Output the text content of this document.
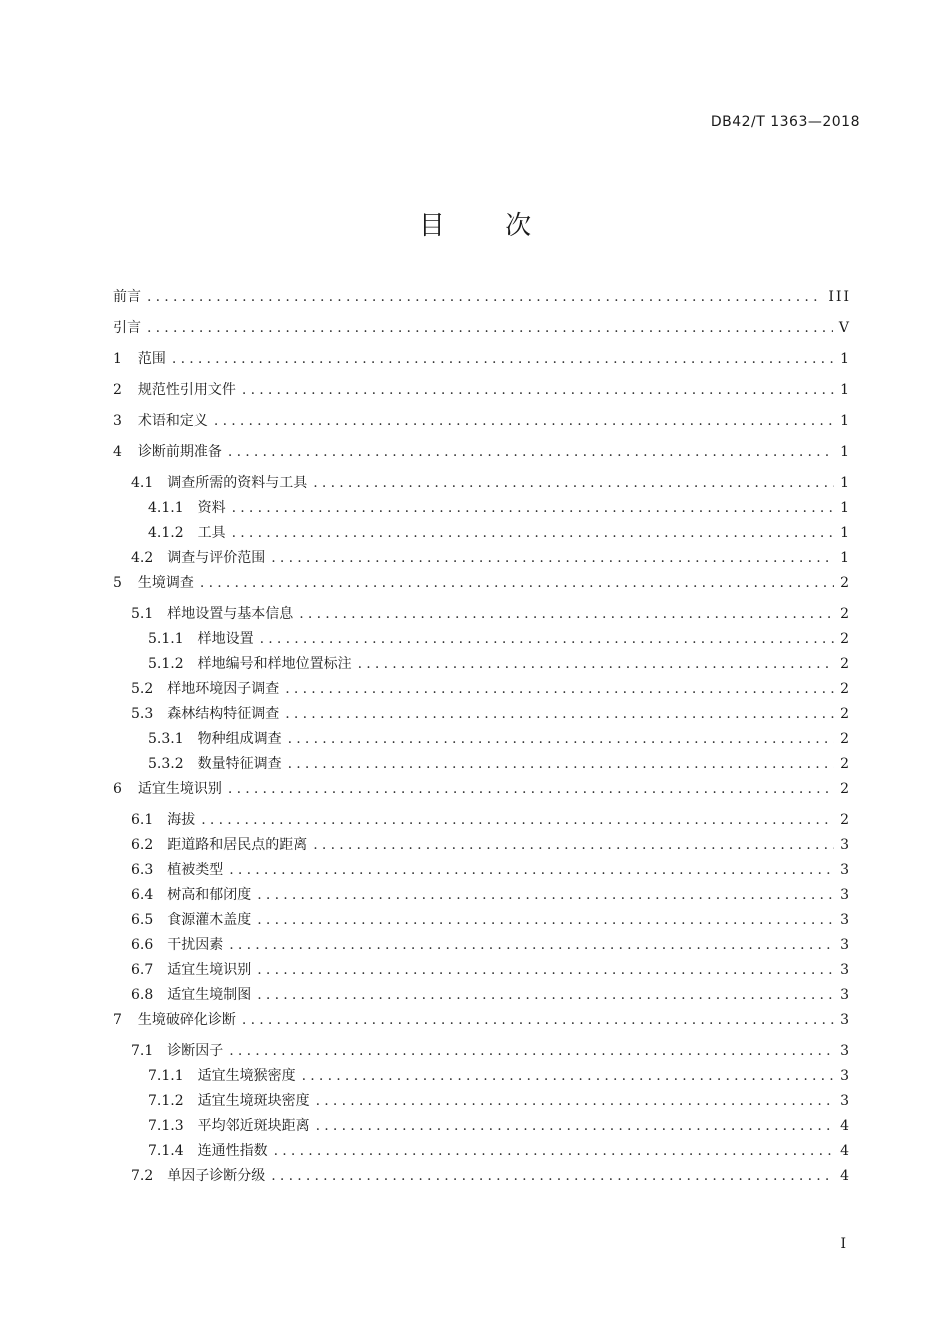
DB42/T 1363—2018
目 次
前言 .....	III
引言 .....	V
1 范围 .....	1
2 规范性引用文件 .....	1
3 术语和定义 .....	1
4 诊断前期准备 .....	1
4.1 调查所需的资料与工具 .....	1
4.1.1 资料 .....	1
4.1.2 工具 .....	1
4.2 调查与评价范围 .....	1
5 生境调查 .....	2
5.1 样地设置与基本信息 .....	2
5.1.1 样地设置 .....	2
5.1.2 样地编号和样地位置标注 .....	2
5.2 样地环境因子调查 .....	2
5.3 森林结构特征调查 .....	2
5.3.1 物种组成调查 .....	2
5.3.2 数量特征调查 .....	2
6 适宜生境识别 .....	2
6.1 海拔 .....	2
6.2 距道路和居民点的距离 .....	3
6.3 植被类型 .....	3
6.4 树高和郁闭度 .....	3
6.5 食源灌木盖度 .....	3
6.6 干扰因素 .....	3
6.7 适宜生境识别 .....	3
6.8 适宜生境制图 .....	3
7 生境破碎化诊断 .....	3
7.1 诊断因子 .....	3
7.1.1 适宜生境猴密度 .....	3
7.1.2 适宜生境斑块密度 .....	3
7.1.3 平均邻近斑块距离 .....	4
7.1.4 连通性指数 .....	4
7.2 单因子诊断分级 .....	4
I
